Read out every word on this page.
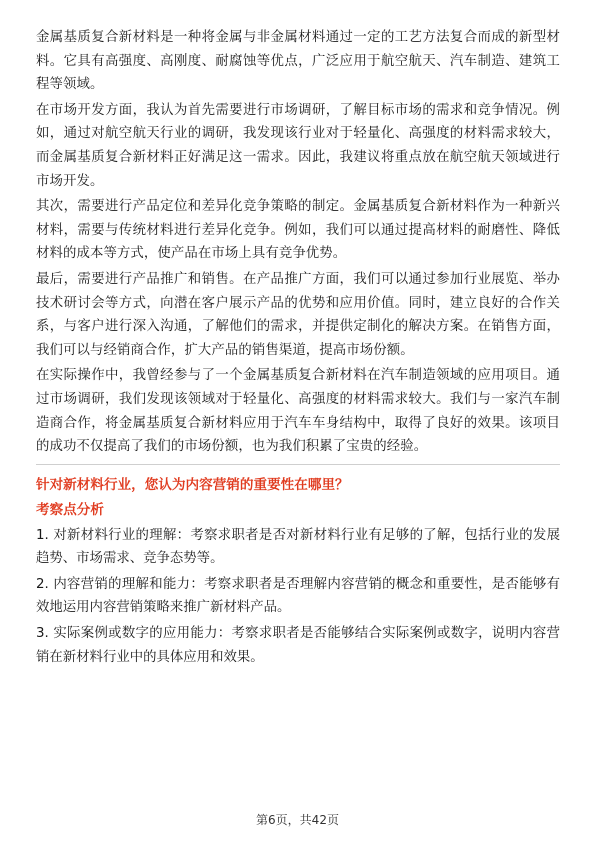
金属基质复合新材料是一种将金属与非金属材料通过一定的工艺方法复合而成的新型材料。它具有高强度、高刚度、耐腐蚀等优点，广泛应用于航空航天、汽车制造、建筑工程等领域。

在市场开发方面，我认为首先需要进行市场调研，了解目标市场的需求和竞争情况。例如，通过对航空航天行业的调研，我发现该行业对于轻量化、高强度的材料需求较大，而金属基质复合新材料正好满足这一需求。因此，我建议将重点放在航空航天领域进行市场开发。

其次，需要进行产品定位和差异化竞争策略的制定。金属基质复合新材料作为一种新兴材料，需要与传统材料进行差异化竞争。例如，我们可以通过提高材料的耐磨性、降低材料的成本等方式，使产品在市场上具有竞争优势。

最后，需要进行产品推广和销售。在产品推广方面，我们可以通过参加行业展览、举办技术研讨会等方式，向潜在客户展示产品的优势和应用价值。同时，建立良好的合作关系，与客户进行深入沟通，了解他们的需求，并提供定制化的解决方案。在销售方面，我们可以与经销商合作，扩大产品的销售渠道，提高市场份额。

在实际操作中，我曾经参与了一个金属基质复合新材料在汽车制造领域的应用项目。通过市场调研，我们发现该领域对于轻量化、高强度的材料需求较大。我们与一家汽车制造商合作，将金属基质复合新材料应用于汽车车身结构中，取得了良好的效果。该项目的成功不仅提高了我们的市场份额，也为我们积累了宝贵的经验。

针对新材料行业，您认为内容营销的重要性在哪里？

考察点分析

1. 对新材料行业的理解：考察求职者是否对新材料行业有足够的了解，包括行业的发展趋势、市场需求、竞争态势等。

2. 内容营销的理解和能力：考察求职者是否理解内容营销的概念和重要性，是否能够有效地运用内容营销策略来推广新材料产品。

3. 实际案例或数字的应用能力：考察求职者是否能够结合实际案例或数字，说明内容营销在新材料行业中的具体应用和效果。

第6页，共42页
